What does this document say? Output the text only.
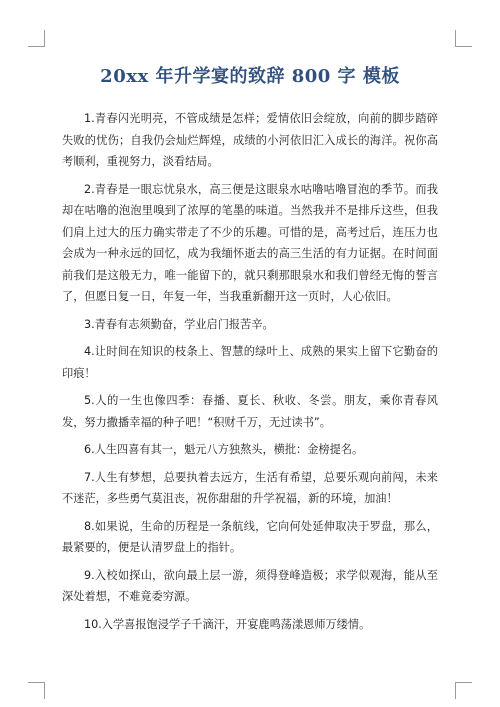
20xx 年升学宴的致辞 800 字 模板

1.青春闪光明亮，不管成绩是怎样；爱情依旧会绽放，向前的脚步踏碎失败的忧伤；自我仍会灿烂辉煌，成绩的小河依旧汇入成长的海洋。祝你高考顺利，重视努力，淡看结局。

2.青春是一眼忘忧泉水，高三便是这眼泉水咕噜咕噜冒泡的季节。而我却在咕噜的泡泡里嗅到了浓厚的笔墨的味道。当然我并不是排斥这些，但我们肩上过大的压力确实带走了不少的乐趣。可惜的是，高考过后，连压力也会成为一种永远的回忆，成为我缅怀逝去的高三生活的有力证据。在时间面前我们是这般无力，唯一能留下的，就只剩那眼泉水和我们曾经无悔的誓言了，但愿日复一日，年复一年，当我重新翻开这一页时，人心依旧。

3.青春有志须勤奋，学业启门报苦辛。

4.让时间在知识的枝条上、智慧的绿叶上、成熟的果实上留下它勤奋的印痕！

5.人的一生也像四季：春播、夏长、秋收、冬尝。朋友，乘你青春风发，努力撒播幸福的种子吧！“积财千万，无过读书”。

6.人生四喜有其一，魁元八方独熬头，横批：金榜提名。

7.人生有梦想，总要执着去远方，生活有希望，总要乐观向前闯，未来不迷茫，多些勇气莫沮丧，祝你甜甜的升学祝福，新的环境，加油！

8.如果说，生命的历程是一条航线，它向何处延伸取决于罗盘，那么，最紧要的，便是认清罗盘上的指针。

9.入校如探山，欲向最上层一游，须得登峰造极；求学似观海，能从至深处着想，不难竟委穷源。

10.入学喜报饱浸学子千滴汗，开宴鹿鸣荡漾恩师万缕情。
